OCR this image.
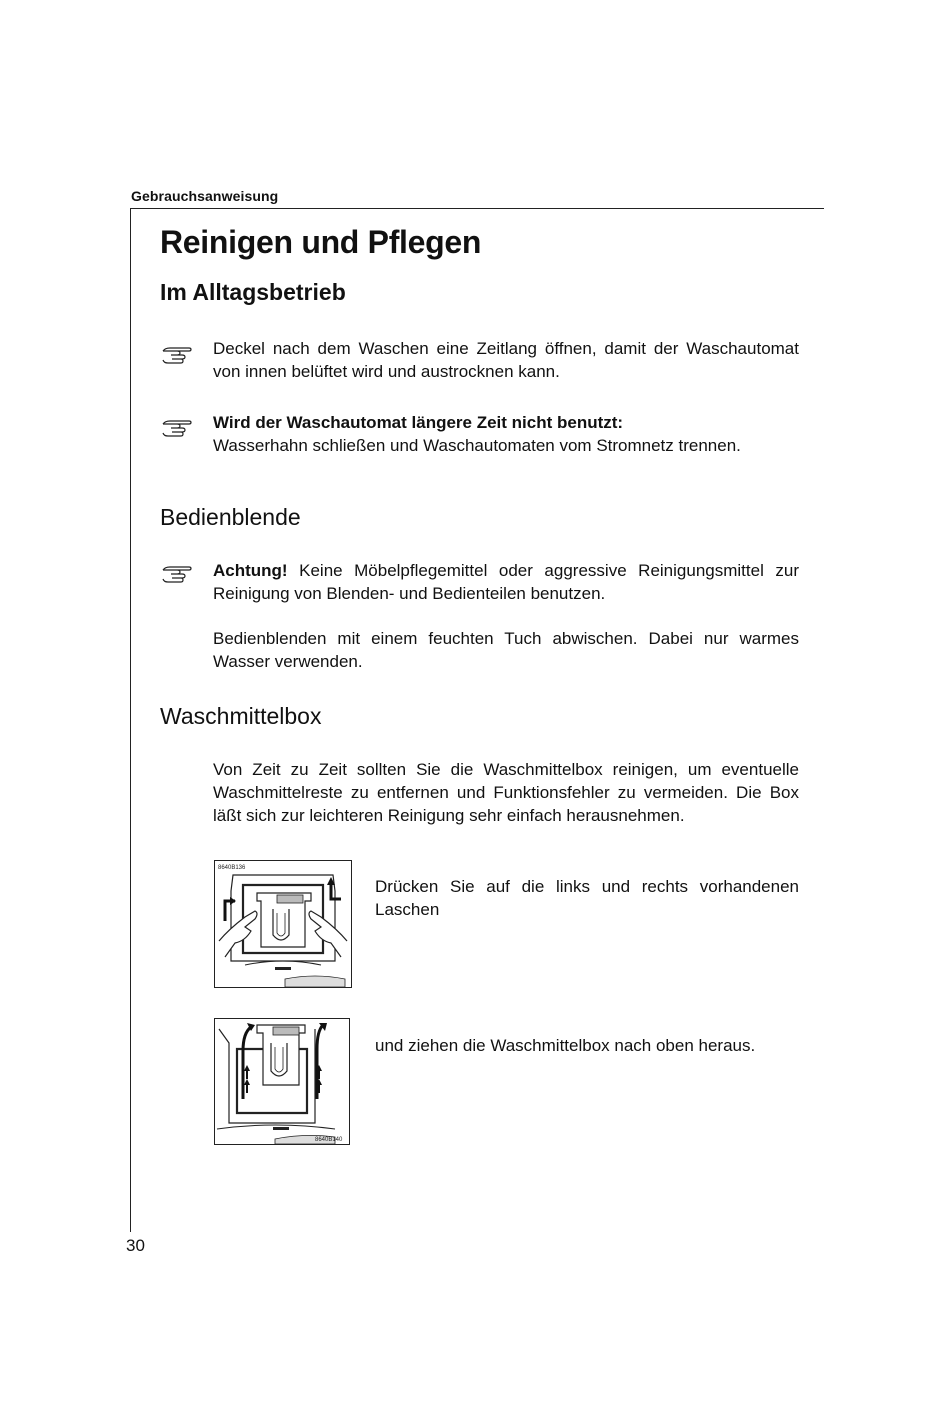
Gebrauchsanweisung
Reinigen und Pflegen
Im Alltagsbetrieb
Deckel nach dem Waschen eine Zeitlang öffnen, damit der Waschautomat von innen belüftet wird und austrocknen kann.
Wird der Waschautomat längere Zeit nicht benutzt:
Wasserhahn schließen und Waschautomaten vom Stromnetz trennen.
Bedienblende
Achtung! Keine Möbelpflegemittel oder aggressive Reinigungsmittel zur Reinigung von Blenden- und Bedienteilen benutzen.
Bedienblenden mit einem feuchten Tuch abwischen. Dabei nur warmes Wasser verwenden.
Waschmittelbox
Von Zeit zu Zeit sollten Sie die Waschmittelbox reinigen, um eventuelle Waschmittelreste zu entfernen und Funktionsfehler zu vermeiden. Die Box läßt sich zur leichteren Reinigung sehr einfach herausnehmen.
8640B136
Drücken Sie auf die links und rechts vorhandenen Laschen
8640B140
und ziehen die Waschmittelbox nach oben heraus.
30
